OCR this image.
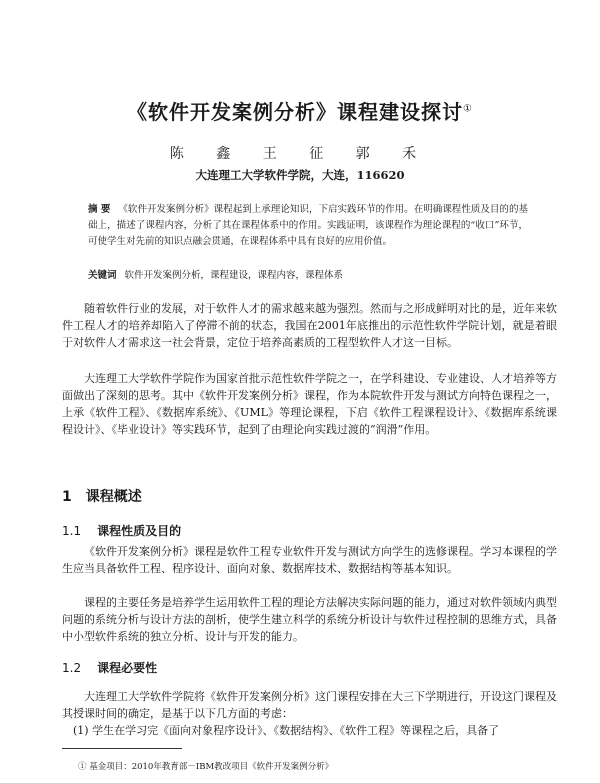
《软件开发案例分析》课程建设探讨①
陈 鑫 王 征 郭 禾
大连理工大学软件学院，大连，116620
摘 要 《软件开发案例分析》课程起到上承理论知识，下启实践环节的作用。在明确课程性质及目的的基础上，描述了课程内容，分析了其在课程体系中的作用。实践证明，该课程作为理论课程的“收口”环节，可使学生对先前的知识点融会贯通，在课程体系中具有良好的应用价值。
关键词 软件开发案例分析，课程建设，课程内容，课程体系
随着软件行业的发展，对于软件人才的需求越来越为强烈。然而与之形成鲜明对比的是，近年来软件工程人才的培养却陷入了停滞不前的状态，我国在2001年底推出的示范性软件学院计划，就是着眼于对软件人才需求这一社会背景，定位于培养高素质的工程型软件人才这一目标。
大连理工大学软件学院作为国家首批示范性软件学院之一，在学科建设、专业建设、人才培养等方面做出了深刻的思考。其中《软件开发案例分析》课程，作为本院软件开发与测试方向特色课程之一，上承《软件工程》、《数据库系统》、《UML》等理论课程，下启《软件工程课程设计》、《数据库系统课程设计》、《毕业设计》等实践环节，起到了由理论向实践过渡的“润滑”作用。
1 课程概述
1.1 课程性质及目的
《软件开发案例分析》课程是软件工程专业软件开发与测试方向学生的选修课程。学习本课程的学生应当具备软件工程、程序设计、面向对象、数据库技术、数据结构等基本知识。
课程的主要任务是培养学生运用软件工程的理论方法解决实际问题的能力，通过对软件领域内典型问题的系统分析与设计方法的剖析，使学生建立科学的系统分析设计与软件过程控制的思维方式，具备中小型软件系统的独立分析、设计与开发的能力。
1.2 课程必要性
大连理工大学软件学院将《软件开发案例分析》这门课程安排在大三下学期进行，开设这门课程及其授课时间的确定，是基于以下几方面的考虑：
(1) 学生在学习完《面向对象程序设计》、《数据结构》、《软件工程》等课程之后，具备了
① 基金项目：2010年教育部－IBM教改项目《软件开发案例分析》
